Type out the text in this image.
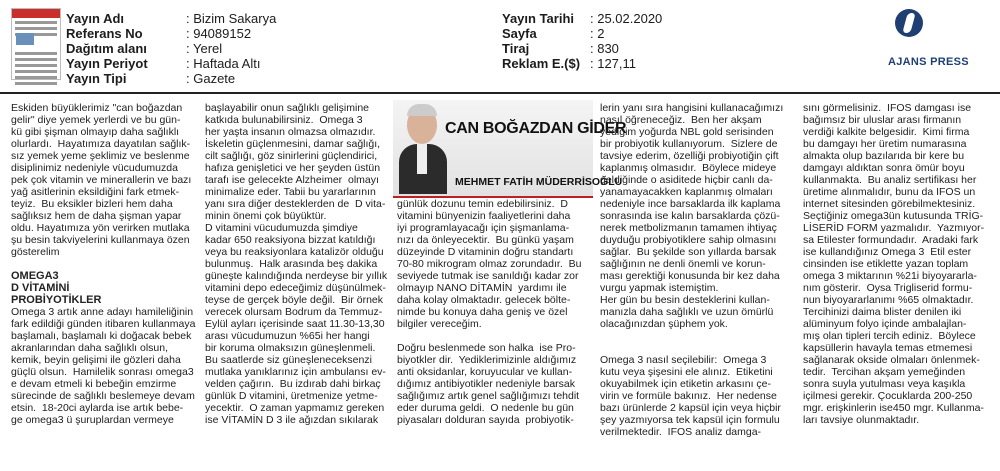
Yayın Adı	: Bizim Sakarya
Referans No	: 94089152
Dağıtım alanı	: Yerel
Yayın Periyot	: Haftada Altı
Yayın Tipi	: Gazete
Yayın Tarihi	: 25.02.2020
Sayfa	: 2
Tiraj	: 830
Reklam E.($) : 127,11	AJANS PRESS

Eskiden büyüklerimiz "can boğazdan

gelir" diye yemek yerlerdi ve bu gün-

kü gibi şişman olmayıp daha sağlıklı

olurlardı.  Hayatımıza dayatılan sağlık-

sız yemek yeme şeklimiz ve beslenme

disiplinimiz nedeniyle vücudumuzda

pek çok vitamin ve minerallerin ve bazı

yağ asitlerinin eksildiğini fark etmek-

teyiz.  Bu eksikler bizleri hem daha

sağlıksız hem de daha şişman yapar

oldu. Hayatımıza yön verirken mutlaka

şu besin takviyelerini kullanmaya özen

gösterelim

OMEGA3

D VİTAMİNİ

PROBİYOTİKLER

Omega 3 artık anne adayı hamileliğinin

fark edildiği günden itibaren kullanmaya

başlamalı, başlamalı ki doğacak bebek

akranlarından daha sağlıklı olsun,

kemik, beyin gelişimi ile gözleri daha

güçlü olsun.  Hamilelik sonrası omega3

e devam etmeli ki bebeğin emzirme

sürecinde de sağlıklı beslemeye devam

etsin.  18-20ci aylarda ise artık bebe-

ge omega3 ü şuruplardan vermeye

başlayabilir onun sağlıklı gelişimine

katkıda bulunabilirsiniz.  Omega 3

her yaşta insanın olmazsa olmazıdır.

İskeletin güçlenmesini, damar sağlığı,

cilt sağlığı, göz sinirlerini güçlendirici,

hafıza genişletici ve her şeyden üstün

tarafı ise gelecekte Alzheimer  olmayı

minimalize eder. Tabii bu yararlarının

yanı sıra diğer desteklerden de  D vita-

minin önemi çok büyüktür.

D vitamini vücudumuzda şimdiye

kadar 650 reaksiyona bizzat katıldığı

veya bu reaksiyonlara katalizör olduğu

bulunmuş.  Halk arasında beş dakika

güneşte kalındığında nerdeyse bir yıllık

vitamini depo edeceğimiz düşünülmek-

teyse de gerçek böyle değil.  Bir örnek

verecek olursam Bodrum da Temmuz-

Eylül ayları içerisinde saat 11.30-13,30

arası vücudumuzun %65i her hangi

bir koruma olmaksızın güneşlenmeli.

Bu saatlerde siz güneşleneceksenzi

mutlaka yanıklarınız için ambulansı ev-

velden çağırın.  Bu izdırab dahi birkaç

günlük D vitamini, üretmenize yetme-

yecektir.  O zaman yapmamız gereken

ise VİTAMİN D 3 ile ağızdan sıkılarak

CAN BOĞAZDAN GİDER
MEHMET FATİH MÜDERRİSOĞLU

günlük dozunu temin edebilirsiniz.  D

vitamini bünyenizin faaliyetlerini daha

iyi programlayacağı için şişmanlama-

nızı da önleyecektir.  Bu günkü yaşam

düzeyinde D vitaminin doğru standartı

70-80 mikrogram olmaz zorundadır.  Bu

seviyede tutmak ise sanıldığı kadar zor

olmayıp NANO DİTAMİN  yardımı ile

daha kolay olmaktadır. gelecek bölte-

nimde bu konuya daha geniş ve özel

bilgiler vereceğim.

Doğru beslenmede son halka  ise Pro-

biyotkler dir.  Yediklerimizinle aldığımız

anti oksidanlar, koruyucular ve kullan-

dığımız antibiyotikler nedeniyle barsak

sağlığımız artık genel sağlığımızı tehdit

eder duruma geldi.  O nedenle bu gün

piyasaları dolduran sayıda  probiyotik-

lerin yanı sıra hangisini kullanacağımızı

nasıl öğreneceğiz.  Ben her akşam

yediğim yoğurda NBL gold serisinden

bir probiyotik kullanıyorum.  Sizlere de

tavsiye ederim, özelliği probiyotiğin çift

kaplanmış olmasıdır.  Böylece mideye

geldiğinde o asiditede hiçbir canlı da-

yanamayacakken kaplanmış olmaları

nedeniyle ince barsaklarda ilk kaplama

sonrasında ise kalın barsaklarda çözü-

nerek metbolizmanın tamamen ihtiyaç

duyduğu probiyotiklere sahip olmasını

sağlar.  Bu şekilde son yıllarda barsak

sağlığının ne denli önemli ve korun-

ması gerektiği konusunda bir kez daha

vurgu yapmak istemiştim.

Her gün bu besin desteklerini kullan-

manızla daha sağlıklı ve uzun ömürlü

olacağınızdan şüphem yok.

Omega 3 nasıl seçilebilir:  Omega 3

kutu veya şişesini ele alınız.  Etiketini

okuyabilmek için etiketin arkasını çe-

virin ve formüle bakınız.  Her nedense

bazı ürünlerde 2 kapsül için veya hiçbir

şey yazmıyorsa tek kapsül için formulu

verilmektedir.  IFOS analiz damga-

sını görmelisiniz.  IFOS damgası ise

bağımsız bir uluslar arası firmanın

verdiği kalkite belgesidir.  Kimi firma

bu damgayı her üretim numarasına

almakta olup bazılarıda bir kere bu

damgayı aldıktan sonra ömür boyu

kullanmakta.  Bu analiz sertifikası her

üretime alınmalıdır, bunu da IFOS un

internet sitesinden görebilmektesiniz.

Seçtiğiniz omega3ün kutusunda TRİG-

LİSERİD FORM yazmalıdır.  Yazmıyor-

sa Etilester formundadır.  Aradaki fark

ise kullandığınız Omega 3  Etil ester

cinsinden ise etiklette yazan toplam

omega 3 miktarının %21i biyoyararla-

nım gösterir.  Oysa Trigliserid formu-

nun biyoyararlanımı %65 olmaktadır.

Tercihinizi daima blister denilen iki

alüminyum folyo içinde ambalajlan-

mış olan tipleri tercih ediniz.  Böylece

kapsüllerin havayla temas etmemesi

sağlanarak okside olmaları önlenmek-

tedir.  Tercihan akşam yemeğinden

sonra suyla yutulması veya kaşıkla

içilmesi gerekir. Çocuklarda 200-250

mgr. erişkinlerin ise450 mgr. Kullanma-

ları tavsiye olunmaktadır.
